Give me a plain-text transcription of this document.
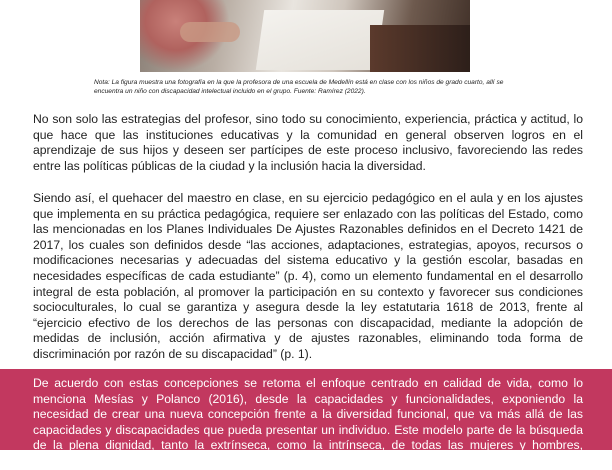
Nota: La figura muestra una fotografía en la que la profesora de una escuela de Medellín está en clase con los niños de grado cuarto, allí se encuentra un niño con discapacidad intelectual incluido en el grupo. Fuente: Ramírez (2022).

No son solo las estrategias del profesor, sino todo su conocimiento, experiencia, práctica y actitud, lo que hace que las instituciones educativas y la comunidad en general observen logros en el aprendizaje de sus hijos y deseen ser partícipes de este proceso inclusivo, favoreciendo las redes entre las políticas públicas de la ciudad y la inclusión hacia la diversidad.

Siendo así, el quehacer del maestro en clase, en su ejercicio pedagógico en el aula y en los ajustes que implementa en su práctica pedagógica, requiere ser enlazado con las políticas del Estado, como las mencionadas en los Planes Individuales De Ajustes Razonables definidos en el Decreto 1421 de 2017, los cuales son definidos desde “las acciones, adaptaciones, estrategias, apoyos, recursos o modificaciones necesarias y adecuadas del sistema educativo y la gestión escolar, basadas en necesidades específicas de cada estudiante” (p. 4), como un elemento fundamental en el desarrollo integral de esta población, al promover la participación en su contexto y favorecer sus condiciones socioculturales, lo cual se garantiza y asegura desde la ley estatutaria 1618 de 2013, frente al “ejercicio efectivo de los derechos de las personas con discapacidad, mediante la adopción de medidas de inclusión, acción afirmativa y de ajustes razonables, eliminando toda forma de discriminación por razón de su discapacidad” (p. 1).

De acuerdo con estas concepciones se retoma el enfoque centrado en calidad de vida, como lo menciona Mesías y Polanco (2016), desde la capacidades y funcionalidades, exponiendo la necesidad de crear una nueva concepción frente a la diversidad funcional, que va más allá de las capacidades y discapacidades que pueda presentar un individuo. Este modelo parte de la búsqueda de la plena dignidad, tanto la extrínseca, como la intrínseca, de todas las mujeres y hombres, incluidas aquellas
